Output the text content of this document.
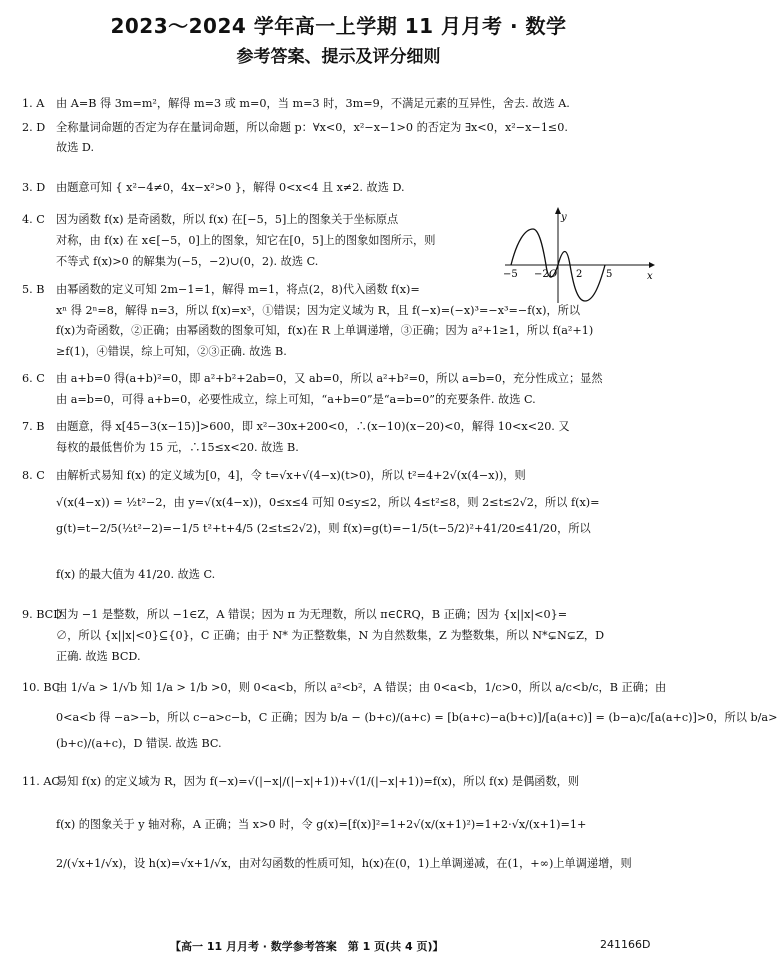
2023～2024 学年高一上学期 11 月月考 · 数学
参考答案、提示及评分细则
1. A 由 A=B 得 3m=m²，解得 m=3 或 m=0，当 m=3 时，3m=9，不满足元素的互异性，舍去. 故选 A.
2. D 全称量词命题的否定为存在量词命题，所以命题 p：∀x<0，x²−x−1>0 的否定为 ∃x<0，x²−x−1≤0.
故选 D.
3. D 由题意可知 { x²−4≠0，4x−x²>0 }，解得 0<x<4 且 x≠2. 故选 D.
4. C 因为函数 f(x) 是奇函数，所以 f(x) 在[−5，5]上的图象关于坐标原点
对称，由 f(x) 在 x∈[−5，0]上的图象，知它在[0，5]上的图象如图所示，则
不等式 f(x)>0 的解集为(−5，−2)∪(0，2). 故选 C.
5. B 由幂函数的定义可知 2m−1=1，解得 m=1，将点(2，8)代入函数 f(x)=
xⁿ 得 2ⁿ=8，解得 n=3，所以 f(x)=x³，①错误；因为定义域为 R，且 f(−x)=(−x)³=−x³=−f(x)，所以
f(x)为奇函数，②正确；由幂函数的图象可知，f(x)在 R 上单调递增，③正确；因为 a²+1≥1，所以 f(a²+1)
≥f(1)，④错误，综上可知，②③正确. 故选 B.
6. C 由 a+b=0 得(a+b)²=0，即 a²+b²+2ab=0，又 ab=0，所以 a²+b²=0，所以 a=b=0，充分性成立；显然
由 a=b=0，可得 a+b=0，必要性成立，综上可知，“a+b=0”是“a=b=0”的充要条件. 故选 C.
7. B 由题意，得 x[45−3(x−15)]>600，即 x²−30x+200<0，∴(x−10)(x−20)<0，解得 10<x<20. 又
每枚的最低售价为 15 元，∴15≤x<20. 故选 B.
8. C 由解析式易知 f(x) 的定义域为[0，4]，令 t=√x+√(4−x)(t>0)，所以 t²=4+2√(x(4−x))，则
√(x(4−x)) = ½t²−2，由 y=√(x(4−x))，0≤x≤4 可知 0≤y≤2，所以 4≤t²≤8，则 2≤t≤2√2，所以 f(x)=
g(t)=t−2/5(½t²−2)=−1/5 t²+t+4/5 (2≤t≤2√2)，则 f(x)=g(t)=−1/5(t−5/2)²+41/20≤41/20，所以
f(x) 的最大值为 41/20. 故选 C.
9. BCD因为 −1 是整数，所以 −1∈Z，A 错误；因为 π 为无理数，所以 π∈∁RQ，B 正确；因为 {x||x|<0}=
∅，所以 {x||x|<0}⊆{0}，C 正确；由于 N* 为正整数集，N 为自然数集，Z 为整数集，所以 N*⊊N⊊Z，D
正确. 故选 BCD.
10. BC由 1/√a > 1/√b 知 1/a > 1/b >0，则 0<a<b，所以 a²<b²，A 错误；由 0<a<b，1/c>0，所以 a/c<b/c，B 正确；由
0<a<b 得 −a>−b，所以 c−a>c−b，C 正确；因为 b/a − (b+c)/(a+c) = [b(a+c)−a(b+c)]/[a(a+c)] = (b−a)c/[a(a+c)]>0，所以 b/a>
(b+c)/(a+c)，D 错误. 故选 BC.
11. AC易知 f(x) 的定义域为 R，因为 f(−x)=√(|−x|/(|−x|+1))+√(1/(|−x|+1))=f(x)，所以 f(x) 是偶函数，则
f(x) 的图象关于 y 轴对称，A 正确；当 x>0 时，令 g(x)=[f(x)]²=1+2√(x/(x+1)²)=1+2·√x/(x+1)=1+
2/(√x+1/√x)，设 h(x)=√x+1/√x，由对勾函数的性质可知，h(x)在(0，1)上单调递减，在(1，+∞)上单调递增，则
y
x
O
−5 −2	2 5
【高一 11 月月考 · 数学参考答案　第 1 页(共 4 页)】	241166D
